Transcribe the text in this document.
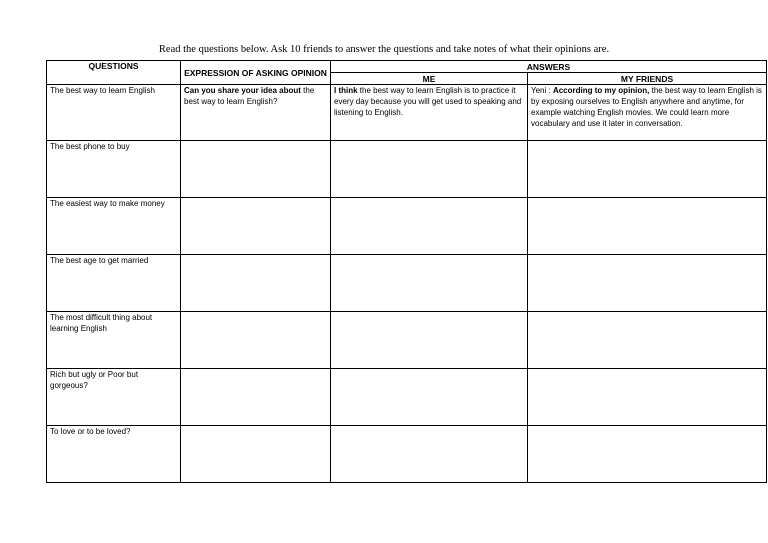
Read the questions below. Ask 10 friends to answer the questions and take notes of what their opinions are.
QUESTIONS	EXPRESSION OF ASKING OPINION	ANSWERS	
		ME	MY FRIENDS
The best way to learn English	Can you share your idea about the best way to learn English?	I think the best way to learn English is to practice it every day because you will get used to speaking and listening to English.	Yeni : According to my opinion, the best way to learn English is by exposing ourselves to English anywhere and anytime, for example watching English movies. We could learn more vocabulary and use it later in conversation.
The best phone to buy			
The easiest way to make money			
The best age to get married			
The most difficult thing about learning English			
Rich but ugly or Poor but gorgeous?			
To love or to be loved?			
